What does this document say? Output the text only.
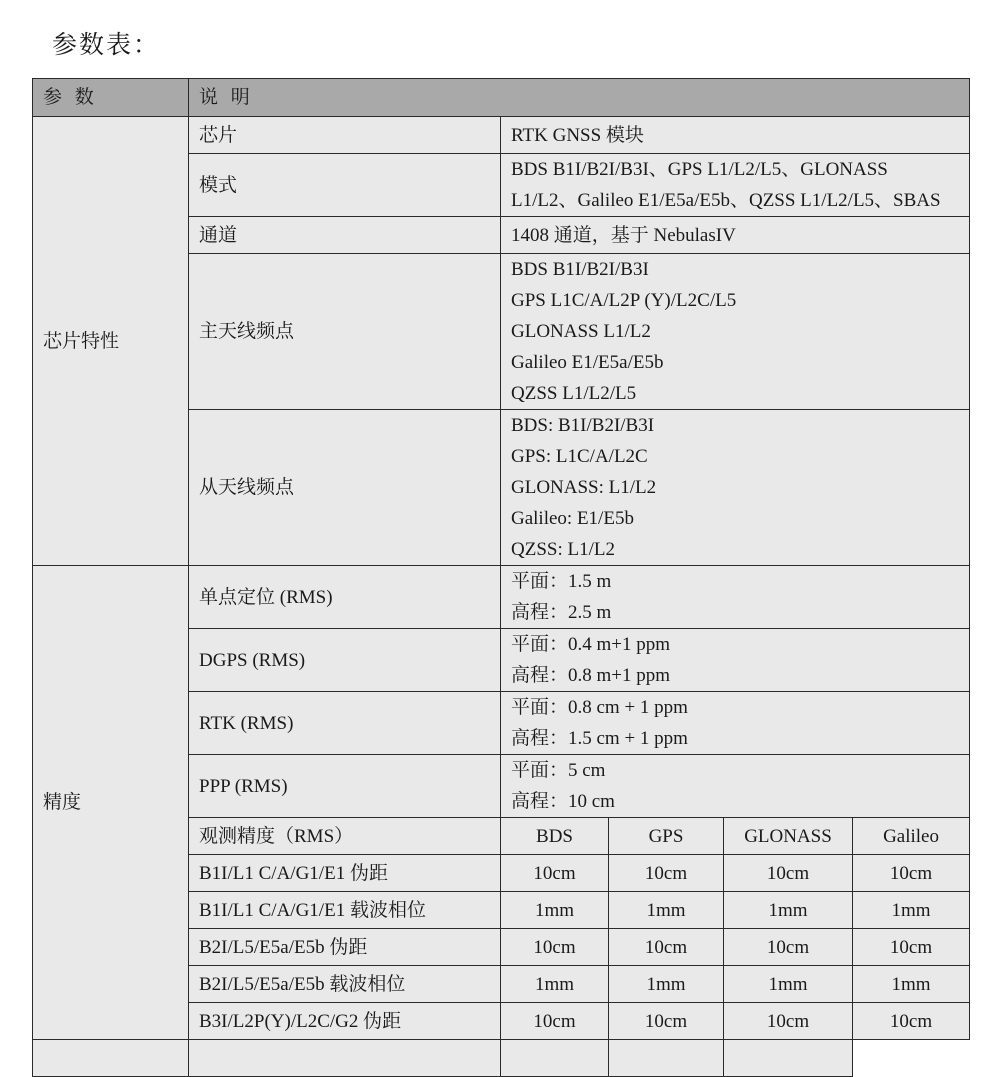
参数表：
参 数	说 明				
芯片特性	芯片	RTK GNSS 模块			

	模式	BDS B1I/B2I/B3I、GPS L1/L2/L5、GLONASS
L1/L2、Galileo E1/E5a/E5b、QZSS L1/L2/L5、SBAS			

	通道	1408 通道，基于 NebulasIV			

	主天线频点	BDS B1I/B2I/B3I
GPS L1C/A/L2P (Y)/L2C/L5
GLONASS L1/L2
Galileo E1/E5a/E5b
QZSS L1/L2/L5			

	从天线频点	BDS: B1I/B2I/B3I
GPS: L1C/A/L2C
GLONASS: L1/L2
Galileo: E1/E5b
QZSS: L1/L2			

精度	单点定位 (RMS)	平面：1.5 m
高程：2.5 m			

	DGPS (RMS)	平面：0.4 m+1 ppm
高程：0.8 m+1 ppm			

	RTK (RMS)	平面：0.8 cm + 1 ppm
高程：1.5 cm + 1 ppm			

	PPP (RMS)	平面：5 cm
高程：10 cm			

	观测精度（RMS）	BDS	GPS	GLONASS	Galileo
	B1I/L1 C/A/G1/E1 伪距	10cm	10cm	10cm	10cm
	B1I/L1 C/A/G1/E1 载波相位	1mm	1mm	1mm	1mm
	B2I/L5/E5a/E5b 伪距	10cm	10cm	10cm	10cm
	B2I/L5/E5a/E5b 载波相位	1mm	1mm	1mm	1mm
	B3I/L2P(Y)/L2C/G2 伪距	10cm	10cm	10cm	10cm
